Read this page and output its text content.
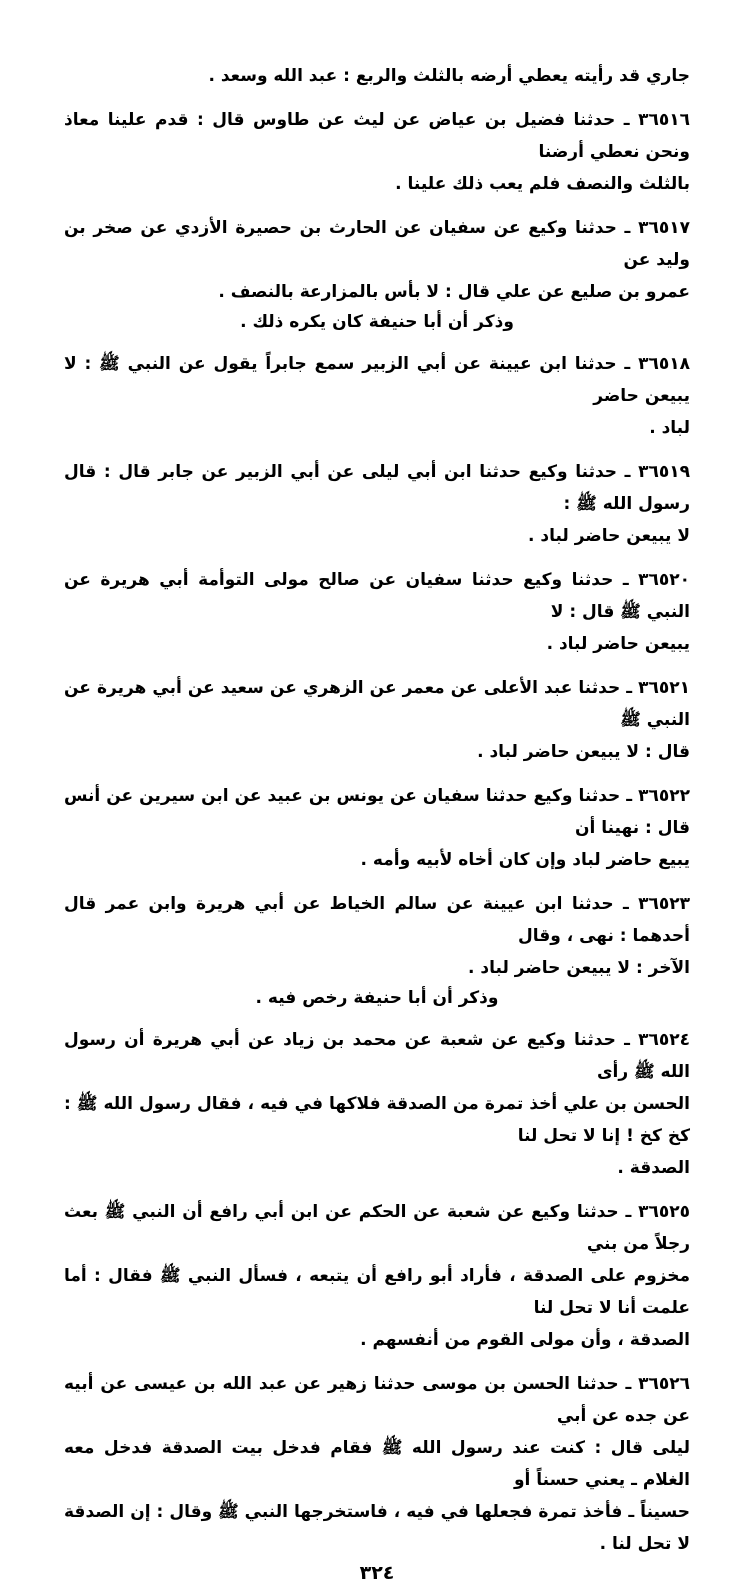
جاري قد رأيته يعطي أرضه بالثلث والربع : عبد الله وسعد .

٣٦٥١٦ ـ حدثنا فضيل بن عياض عن ليث عن طاوس قال : قدم علينا معاذ ونحن نعطي أرضنا

بالثلث والنصف فلم يعب ذلك علينا .

٣٦٥١٧ ـ حدثنا وكيع عن سفيان عن الحارث بن حصيرة الأزدي عن صخر بن وليد عن

عمرو بن صليع عن علي قال : لا بأس بالمزارعة بالنصف .

وذكر أن أبا حنيفة كان يكره ذلك .

٣٦٥١٨ ـ حدثنا ابن عيينة عن أبي الزبير سمع جابراً يقول عن النبي ﷺ : لا يبيعن حاضر

لباد .

٣٦٥١٩ ـ حدثنا وكيع حدثنا ابن أبي ليلى عن أبي الزبير عن جابر قال : قال رسول الله ﷺ :

لا يبيعن حاضر لباد .

٣٦٥٢٠ ـ حدثنا وكيع حدثنا سفيان عن صالح مولى التوأمة أبي هريرة عن النبي ﷺ قال : لا

يبيعن حاضر لباد .

٣٦٥٢١ ـ حدثنا عبد الأعلى عن معمر عن الزهري عن سعيد عن أبي هريرة عن النبي ﷺ

قال : لا يبيعن حاضر لباد .

٣٦٥٢٢ ـ حدثنا وكيع حدثنا سفيان عن يونس بن عبيد عن ابن سيرين عن أنس قال : نهينا أن

يبيع حاضر لباد وإن كان أخاه لأبيه وأمه .

٣٦٥٢٣ ـ حدثنا ابن عيينة عن سالم الخياط عن أبي هريرة وابن عمر قال أحدهما : نهى ، وقال

الآخر : لا يبيعن حاضر لباد .

وذكر أن أبا حنيفة رخص فيه .

٣٦٥٢٤ ـ حدثنا وكيع عن شعبة عن محمد بن زياد عن أبي هريرة أن رسول الله ﷺ رأى

الحسن بن علي أخذ تمرة من الصدقة فلاكها في فيه ، فقال رسول الله ﷺ : كخ كخ ! إنا لا تحل لنا

الصدقة .

٣٦٥٢٥ ـ حدثنا وكيع عن شعبة عن الحكم عن ابن أبي رافع أن النبي ﷺ بعث رجلاً من بني

مخزوم على الصدقة ، فأراد أبو رافع أن يتبعه ، فسأل النبي ﷺ فقال : أما علمت أنا لا تحل لنا

الصدقة ، وأن مولى القوم من أنفسهم .

٣٦٥٢٦ ـ حدثنا الحسن بن موسى حدثنا زهير عن عبد الله بن عيسى عن أبيه عن جده عن أبي

ليلى قال : كنت عند رسول الله ﷺ فقام فدخل بيت الصدقة فدخل معه الغلام ـ يعني حسناً أو

حسيناً ـ فأخذ تمرة فجعلها في فيه ، فاستخرجها النبي ﷺ وقال : إن الصدقة لا تحل لنا .

٣٢٤
